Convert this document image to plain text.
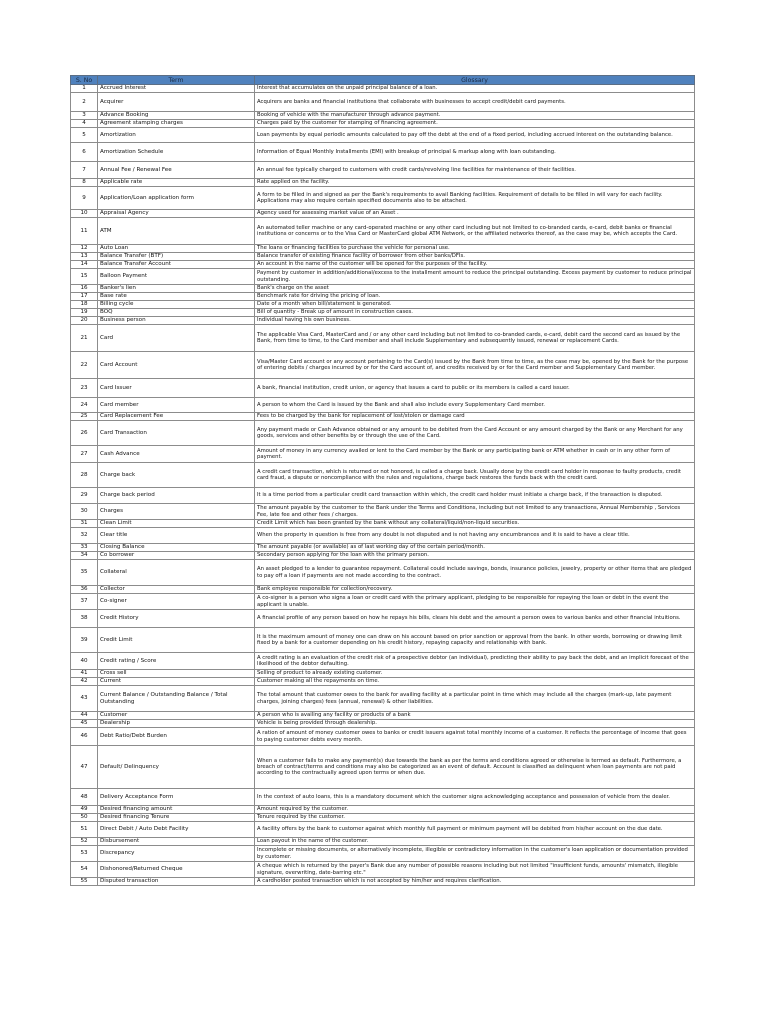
S. No	Term	Glossary
1	Accrued Interest	Interest that accumulates on the unpaid principal balance of a loan.
2	Acquirer	Acquirers are banks and financial institutions that collaborate with businesses to accept credit/debit card payments.
3	Advance Booking	Booking of vehicle with the manufacturer through advance payment.
4	Agreement stamping charges	Charges paid by the customer for stamping of financing agreement.
5	Amortization	Loan payments by equal periodic amounts calculated to pay off the debt at the end of a fixed period, including accrued interest on the outstanding balance.
6	Amortization Schedule	Information of Equal Monthly Installments (EMI) with breakup of principal & markup along with loan outstanding.
7	Annual Fee / Renewal Fee	An annual fee typically charged to customers with credit cards/revolving line facilities for maintenance of their facilities.
8	Applicable rate	Rate applied on the facility.
9	Application/Loan application form	A form to be filled in and signed as per the Bank's requirements to avail Banking facilities. Requirement of details to be filled in will vary for each facility. Applications may also require certain specified documents also to be attached.
10	Appraisal Agency	Agency used for assessing market value of an Asset .
11	ATM	An automated teller machine or any card-operated machine or any other card including but not limited to co-branded cards, e-card, debit banks or financial institutions or concerns or to the Visa Card or MasterCard global ATM Network, or the affiliated networks thereof, as the case may be, which accepts the Card.
12	Auto Loan	The loans or financing facilities to purchase the vehicle for personal use.
13	Balance Transfer (BTF)	Balance transfer of existing finance facility of borrower from other banks/DFIs.
14	Balance Transfer Account	An account in the name of the customer will be opened for the purposes of the facility.
15	Balloon Payment	Payment by customer in addition/additional/excess to the installment amount to reduce the principal outstanding. Excess payment by customer to reduce principal outstanding.
16	Banker's lien	Bank's charge on the asset
17	Base rate	Benchmark rate for driving the pricing of loan.
18	Billing cycle	Date of a month when bill/statement is generated.
19	BOQ	Bill of quantity - Break up of amount in construction cases.
20	Business person	Individual having his own business.
21	Card	The applicable Visa Card, MasterCard and / or any other card including but not limited to co-branded cards, e-card, debit card the second card as issued by the Bank, from time to time, to the Card member and shall include Supplementary and subsequently issued, renewal or replacement Cards.
22	Card Account	Visa/Master Card account or any account pertaining to the Card(s) issued by the Bank from time to time, as the case may be, opened by the Bank for the purpose of entering debits / charges incurred by or for the Card account of, and credits received by or for the Card member and Supplementary Card member.
23	Card Issuer	A bank, financial institution, credit union, or agency that issues a card to public or its members is called a card issuer.
24	Card member	A person to whom the Card is issued by the Bank and shall also include every Supplementary Card member.
25	Card Replacement Fee	Fees to be charged by the bank for replacement of lost/stolen or damage card
26	Card Transaction	Any payment made or Cash Advance obtained or any amount to be debited from the Card Account or any amount charged by the Bank or any Merchant for any goods, services and other benefits by or through the use of the Card.
27	Cash Advance	Amount of money in any currency availed or lent to the Card member by the Bank or any participating bank or ATM whether in cash or in any other form of payment.
28	Charge back	A credit card transaction, which is returned or not honored, is called a charge back. Usually done by the credit card holder in response to faulty products, credit card fraud, a dispute or noncompliance with the rules and regulations, charge back restores the funds back with the credit card.
29	Charge back period	It is a time period from a particular credit card transaction within which, the credit card holder must initiate a charge back, if the transaction is disputed.
30	Charges	The amount payable by the customer to the Bank under the Terms and Conditions, including but not limited to any transactions, Annual Membership , Services Fee, late fee and other fees / charges.
31	Clean Limit	Credit Limit which has been granted by the bank without any collateral/liquid/non-liquid securities.
32	Clear title	When the property in question is free from any doubt is not disputed and is not having any encumbrances and it is said to have a clear title.
33	Closing Balance	The amount payable (or available) as of last working day of the certain period/month.
34	Co borrower	Secondary person applying for the loan with the primary person.
35	Collateral	An asset pledged to a lender to guarantee repayment. Collateral could include savings, bonds, insurance policies, jewelry, property or other items that are pledged to pay off a loan if payments are not made according to the contract.
36	Collector	Bank employee responsible for collection/recovery.
37	Co-signer	A co-signer is a person who signs a loan or credit card with the primary applicant, pledging to be responsible for repaying the loan or debt in the event the applicant is unable.
38	Credit History	A financial profile of any person based on how he repays his bills, clears his debt and the amount a person owes to various banks and other financial intuitions.
39	Credit Limit	It is the maximum amount of money one can draw on his account based on prior sanction or approval from the bank. In other words, borrowing or drawing limit fixed by a bank for a customer depending on his credit history, repaying capacity and relationship with bank.
40	Credit rating / Score	A credit rating is an evaluation of the credit risk of a prospective debtor (an individual), predicting their ability to pay back the debt, and an implicit forecast of the likelihood of the debtor defaulting.
41	Cross sell	Selling of product to already existing customer.
42	Current	Customer making all the repayments on time.
43	Current Balance / Outstanding Balance / Total Outstanding	The total amount that customer owes to the bank for availing facility at a particular point in time which may include all the charges (mark-up, late payment charges, joining charges) fees (annual, renewal) & other liabilities.
44	Customer	A person who is availing any facility or products of a bank
45	Dealership	Vehicle is being provided through dealership.
46	Debt Ratio/Debt Burden	A ration of amount of money customer owes to banks or credit issuers against total monthly income of a customer. It reflects the percentage of income that goes to paying customer debts every month.
47	Default/ Delinquency	When a customer fails to make any payment(s) due towards the bank as per the terms and conditions agreed or otherwise is termed as default. Furthermore, a breach of contract/terms and conditions may also be categorized as an event of default. Account is classified as delinquent when loan payments are not paid according to the contractually agreed upon terms or when due.
48	Delivery Acceptance Form	In the context of auto loans, this is a mandatory document which the customer signs acknowledging acceptance and possession of vehicle from the dealer.
49	Desired financing amount	Amount required by the customer.
50	Desired financing Tenure	Tenure required by the customer.
51	Direct Debit / Auto Debt Facility	A facility offers by the bank to customer against which monthly full payment or minimum payment will be debited from his/her account on the due date.
52	Disbursement	Loan payout in the name of the customer.
53	Discrepancy	Incomplete or missing documents, or alternatively incomplete, illegible or contradictory information in the customer's loan application or documentation provided by customer.
54	Dishonored/Returned Cheque	A cheque which is returned by the payer's Bank due any number of possible reasons including but not limited "insufficient funds, amounts' mismatch, illegible signature, overwriting, date-barring etc."
55	Disputed transaction	A cardholder posted transaction which is not accepted by him/her and requires clarification.
